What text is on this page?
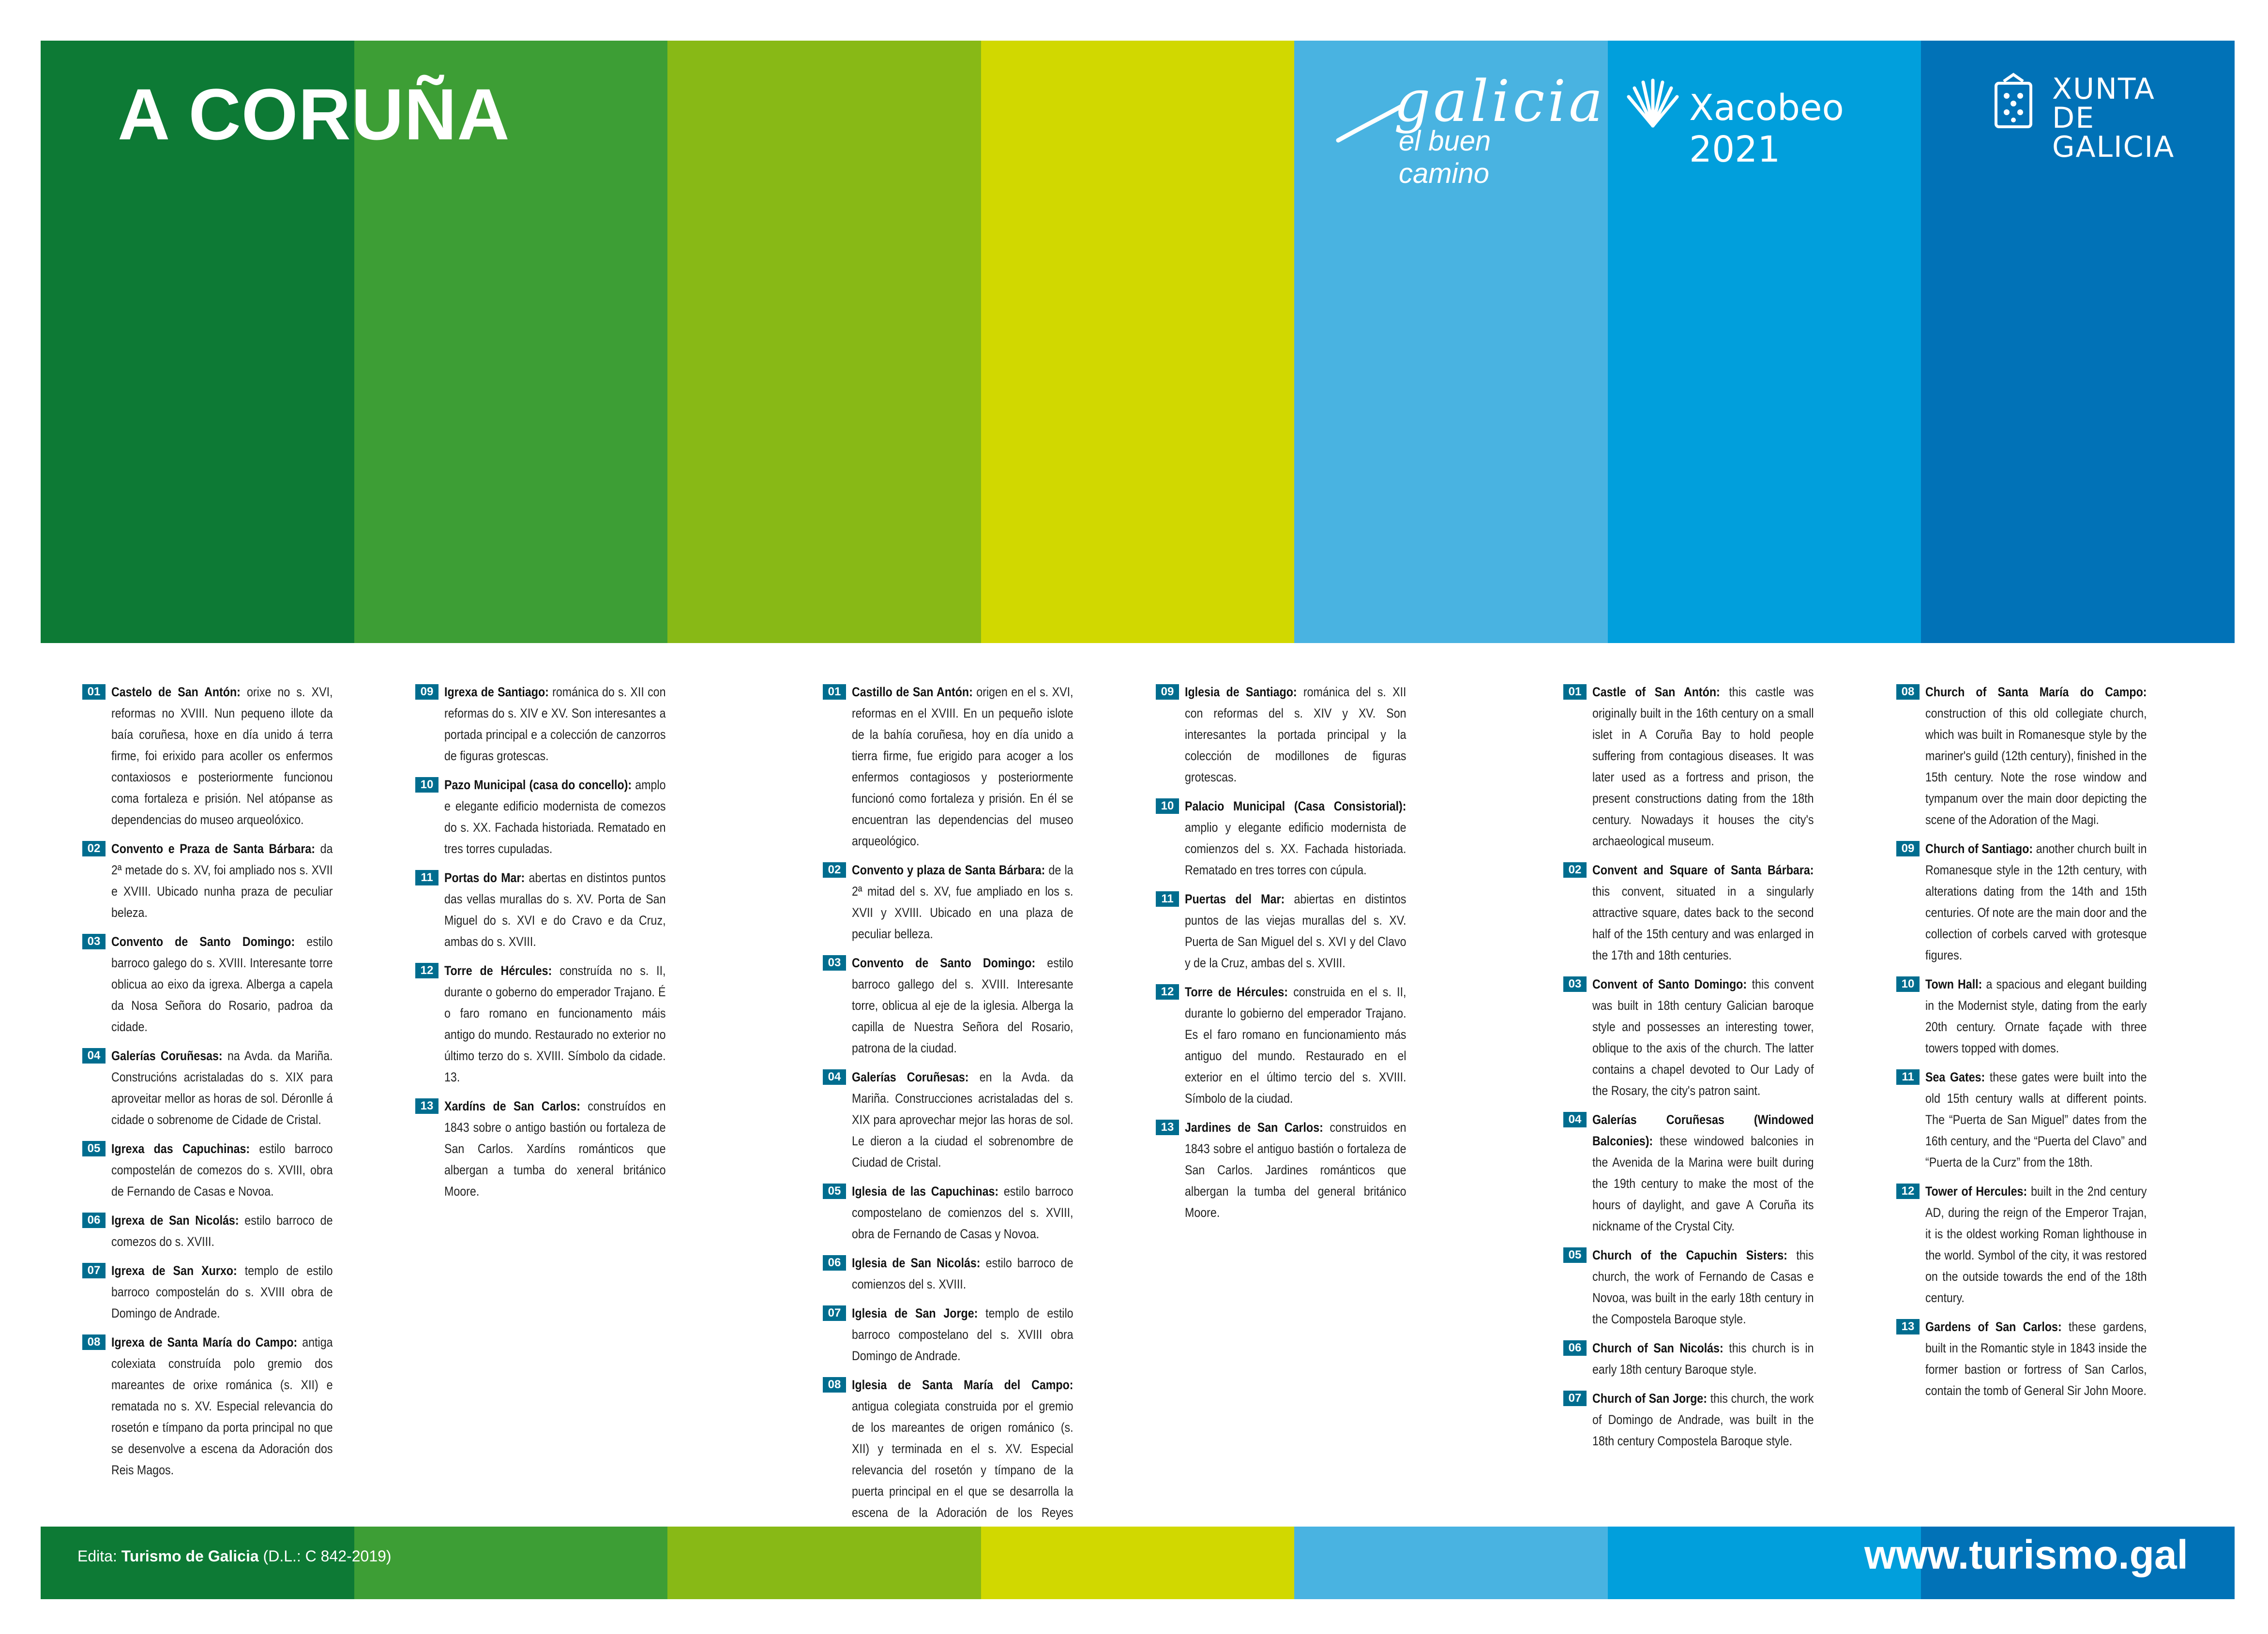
A CORUÑA	galicia
el buen camino
Xacobeo 2021
XUNTA
DE GALICIA
01 Castelo de San Antón: orixe no s. XVI, reformas no XVIII. Nun pequeno illote da baía coruñesa, hoxe en día unido á terra firme, foi erixido para acoller os enfermos contaxiosos e posteriormente funcionou coma fortaleza e prisión. Nel atópanse as dependencias do museo arqueolóxico.
02 Convento e Praza de Santa Bárbara: da 2ª metade do s. XV, foi ampliado nos s. XVII e XVIII. Ubicado nunha praza de peculiar beleza.
03 Convento de Santo Domingo: estilo barroco galego do s. XVIII. Interesante torre oblicua ao eixo da igrexa. Alberga a capela da Nosa Señora do Rosario, padroa da cidade.
04 Galerías Coruñesas: na Avda. da Mariña. Construcións acristaladas do s. XIX para aproveitar mellor as horas de sol. Déronlle á cidade o sobrenome de Cidade de Cristal.
05 Igrexa das Capuchinas: estilo barroco compostelán de comezos do s. XVIII, obra de Fernando de Casas e Novoa.
06 Igrexa de San Nicolás: estilo barroco de comezos do s. XVIII.
07 Igrexa de San Xurxo: templo de estilo barroco compostelán do s. XVIII obra de Domingo de Andrade.
08 Igrexa de Santa María do Campo: antiga colexiata construída polo gremio dos mareantes de orixe románica (s. XII) e rematada no s. XV. Especial relevancia do rosetón e tímpano da porta principal no que se desenvolve a escena da Adoración dos Reis Magos.
09 Igrexa de Santiago: románica do s. XII con reformas do s. XIV e XV. Son interesantes a portada principal e a colección de canzorros de figuras grotescas.
10 Pazo Municipal (casa do concello): amplo e elegante edificio modernista de comezos do s. XX. Fachada historiada. Rematado en tres torres cupuladas.
11 Portas do Mar: abertas en distintos puntos das vellas murallas do s. XV. Porta de San Miguel do s. XVI e do Cravo e da Cruz, ambas do s. XVIII.
12 Torre de Hércules: construída no s. II, durante o goberno do emperador Trajano. É o faro romano en funcionamento máis antigo do mundo. Restaurado no exterior no último terzo do s. XVIII. Símbolo da cidade. 13.
13 Xardíns de San Carlos: construídos en 1843 sobre o antigo bastión ou fortaleza de San Carlos. Xardíns románticos que albergan a tumba do xeneral británico Moore.
01 Castillo de San Antón: origen en el s. XVI, reformas en el XVIII. En un pequeño islote de la bahía coruñesa, hoy en día unido a tierra firme, fue erigido para acoger a los enfermos contagiosos y posteriormente funcionó como fortaleza y prisión. En él se encuentran las dependencias del museo arqueológico.
02 Convento y plaza de Santa Bárbara: de la 2ª mitad del s. XV, fue ampliado en los s. XVII y XVIII. Ubicado en una plaza de peculiar belleza.
03 Convento de Santo Domingo: estilo barroco gallego del s. XVIII. Interesante torre, oblicua al eje de la iglesia. Alberga la capilla de Nuestra Señora del Rosario, patrona de la ciudad.
04 Galerías Coruñesas: en la Avda. da Mariña. Construcciones acristaladas del s. XIX para aprovechar mejor las horas de sol. Le dieron a la ciudad el sobrenombre de Ciudad de Cristal.
05 Iglesia de las Capuchinas: estilo barroco compostelano de comienzos del s. XVIII, obra de Fernando de Casas y Novoa.
06 Iglesia de San Nicolás: estilo barroco de comienzos del s. XVIII.
07 Iglesia de San Jorge: templo de estilo barroco compostelano del s. XVIII obra Domingo de Andrade.
08 Iglesia de Santa María del Campo: antigua colegiata construida por el gremio de los mareantes de origen románico (s. XII) y terminada en el s. XV. Especial relevancia del rosetón y tímpano de la puerta principal en el que se desarrolla la escena de la Adoración de los Reyes
09 Iglesia de Santiago: románica del s. XII con reformas del s. XIV y XV. Son interesantes la portada principal y la colección de modillones de figuras grotescas.
10 Palacio Municipal (Casa Consistorial): amplio y elegante edificio modernista de comienzos del s. XX. Fachada historiada. Rematado en tres torres con cúpula.
11 Puertas del Mar: abiertas en distintos puntos de las viejas murallas del s. XV. Puerta de San Miguel del s. XVI y del Clavo y de la Cruz, ambas del s. XVIII.
12 Torre de Hércules: construida en el s. II, durante lo gobierno del emperador Trajano. Es el faro romano en funcionamiento más antiguo del mundo. Restaurado en el exterior en el último tercio del s. XVIII. Símbolo de la ciudad.
13 Jardines de San Carlos: construidos en 1843 sobre el antiguo bastión o fortaleza de San Carlos. Jardines románticos que albergan la tumba del general británico Moore.
01 Castle of San Antón: this castle was originally built in the 16th century on a small islet in A Coruña Bay to hold people suffering from contagious diseases. It was later used as a fortress and prison, the present constructions dating from the 18th century. Nowadays it houses the city's archaeological museum.
02 Convent and Square of Santa Bárbara: this convent, situated in a singularly attractive square, dates back to the second half of the 15th century and was enlarged in the 17th and 18th centuries.
03 Convent of Santo Domingo: this convent was built in 18th century Galician baroque style and possesses an interesting tower, oblique to the axis of the church. The latter contains a chapel devoted to Our Lady of the Rosary, the city's patron saint.
04 Galerías Coruñesas (Windowed Balconies): these windowed balconies in the Avenida de la Marina were built during the 19th century to make the most of the hours of daylight, and gave A Coruña its nickname of the Crystal City.
05 Church of the Capuchin Sisters: this church, the work of Fernando de Casas e Novoa, was built in the early 18th century in the Compostela Baroque style.
06 Church of San Nicolás: this church is in early 18th century Baroque style.
07 Church of San Jorge: this church, the work of Domingo de Andrade, was built in the 18th century Compostela Baroque style.
08 Church of Santa María do Campo: construction of this old collegiate church, which was built in Romanesque style by the mariner's guild (12th century), finished in the 15th century. Note the rose window and tympanum over the main door depicting the scene of the Adoration of the Magi.
09 Church of Santiago: another church built in Romanesque style in the 12th century, with alterations dating from the 14th and 15th centuries. Of note are the main door and the collection of corbels carved with grotesque figures.
10 Town Hall: a spacious and elegant building in the Modernist style, dating from the early 20th century. Ornate façade with three towers topped with domes.
11 Sea Gates: these gates were built into the old 15th century walls at different points. The “Puerta de San Miguel” dates from the 16th century, and the “Puerta del Clavo” and “Puerta de la Curz” from the 18th.
12 Tower of Hercules: built in the 2nd century AD, during the reign of the Emperor Trajan, it is the oldest working Roman lighthouse in the world. Symbol of the city, it was restored on the outside towards the end of the 18th century.
13 Gardens of San Carlos: these gardens, built in the Romantic style in 1843 inside the former bastion or fortress of San Carlos, contain the tomb of General Sir John Moore.
Edita: Turismo de Galicia (D.L.: C 842-2019)	www.turismo.gal
